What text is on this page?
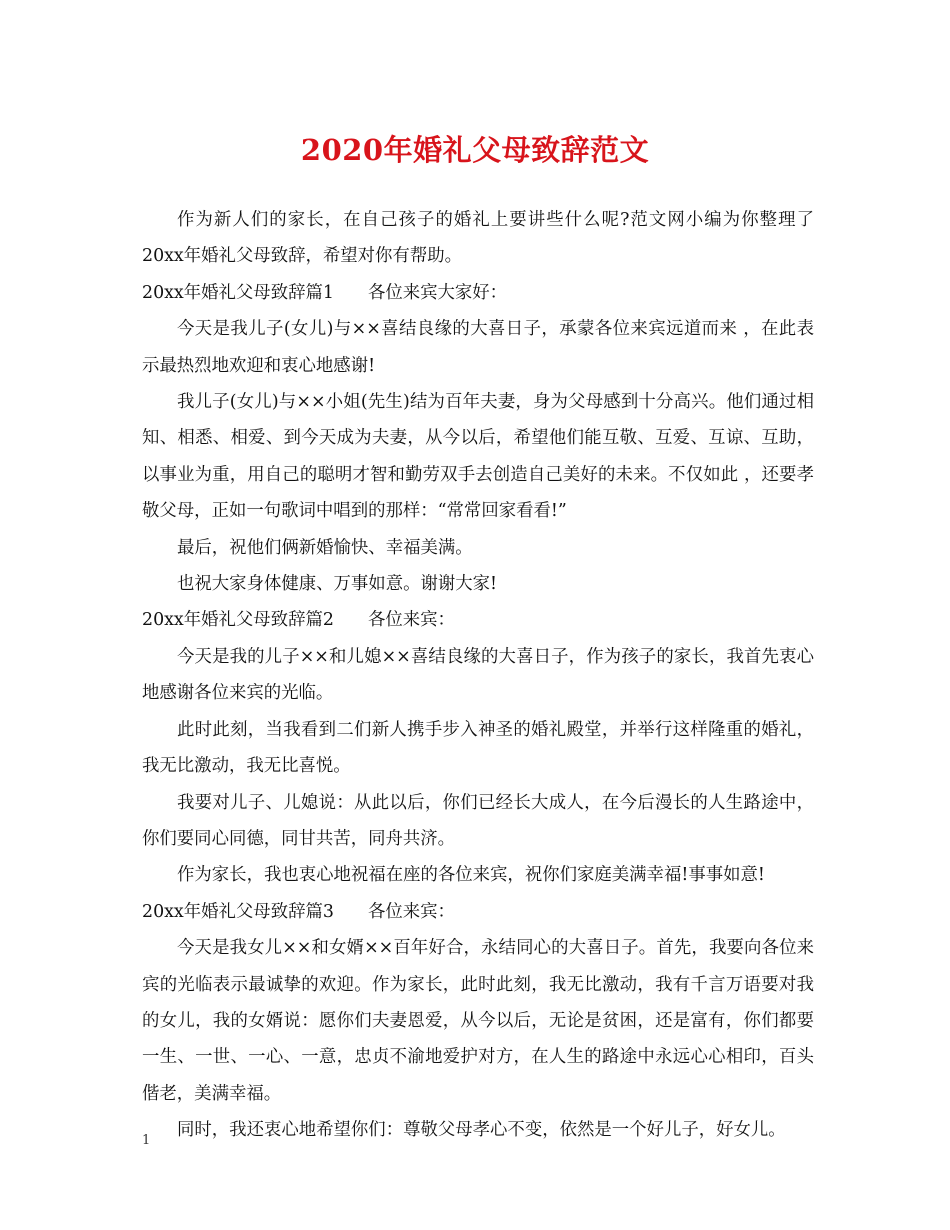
2020年婚礼父母致辞范文

作为新人们的家长，在自己孩子的婚礼上要讲些什么呢?范文网小编为你整理了20xx年婚礼父母致辞，希望对你有帮助。

20xx年婚礼父母致辞篇1 各位来宾大家好：

今天是我儿子(女儿)与××喜结良缘的大喜日子，承蒙各位来宾远道而来 ，在此表示最热烈地欢迎和衷心地感谢!

我儿子(女儿)与××小姐(先生)结为百年夫妻，身为父母感到十分高兴。他们通过相知、相悉、相爱、到今天成为夫妻，从今以后，希望他们能互敬、互爱、互谅、互助，以事业为重，用自己的聪明才智和勤劳双手去创造自己美好的未来。不仅如此 ，还要孝敬父母，正如一句歌词中唱到的那样：“常常回家看看!”

最后，祝他们俩新婚愉快、幸福美满。

也祝大家身体健康、万事如意。谢谢大家!

20xx年婚礼父母致辞篇2 各位来宾：

今天是我的儿子××和儿媳××喜结良缘的大喜日子，作为孩子的家长，我首先衷心地感谢各位来宾的光临。

此时此刻，当我看到二们新人携手步入神圣的婚礼殿堂，并举行这样隆重的婚礼，我无比激动，我无比喜悦。

我要对儿子、儿媳说：从此以后，你们已经长大成人，在今后漫长的人生路途中，你们要同心同德，同甘共苦，同舟共济。

作为家长，我也衷心地祝福在座的各位来宾，祝你们家庭美满幸福!事事如意!

20xx年婚礼父母致辞篇3 各位来宾：

今天是我女儿××和女婿××百年好合，永结同心的大喜日子。首先，我要向各位来宾的光临表示最诚挚的欢迎。作为家长，此时此刻，我无比激动，我有千言万语要对我的女儿，我的女婿说：愿你们夫妻恩爱，从今以后，无论是贫困，还是富有，你们都要一生、一世、一心、一意，忠贞不渝地爱护对方，在人生的路途中永远心心相印，百头偕老，美满幸福。

同时，我还衷心地希望你们：尊敬父母孝心不变，依然是一个好儿子，好女儿。

1
